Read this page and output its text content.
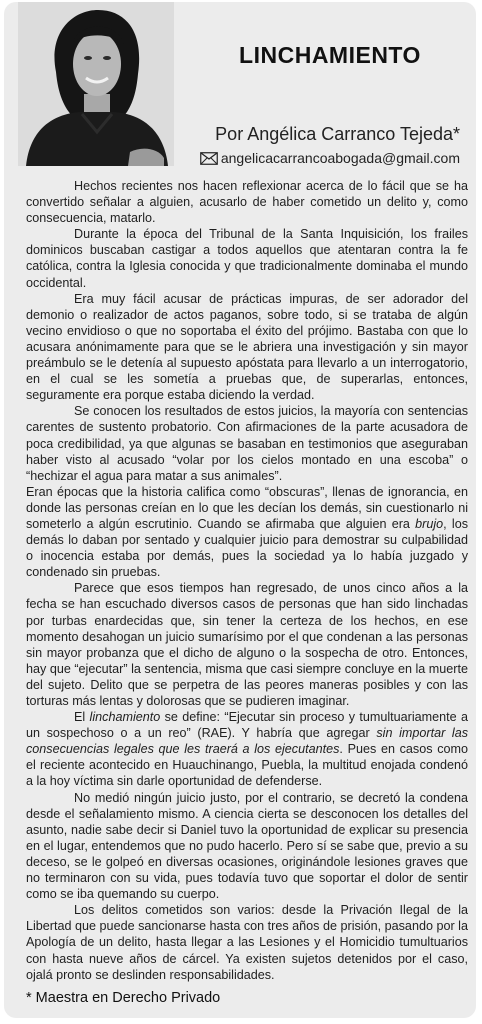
LINCHAMIENTO
Por Angélica Carranco Tejeda*
angelicacarrancoabogada@gmail.com

Hechos recientes nos hacen reflexionar acerca de lo fácil que se ha convertido señalar a alguien, acusarlo de haber cometido un delito y, como consecuencia, matarlo.

Durante la época del Tribunal de la Santa Inquisición, los frailes dominicos buscaban castigar a todos aquellos que atentaran contra la fe católica, contra la Iglesia conocida y que tradicionalmente dominaba el mundo occidental.

Era muy fácil acusar de prácticas impuras, de ser adorador del demonio o realizador de actos paganos, sobre todo, si se trataba de algún vecino envidioso o que no soportaba el éxito del prójimo. Bastaba con que lo acusara anónimamente para que se le abriera una investigación y sin mayor preámbulo se le detenía al supuesto apóstata para llevarlo a un interrogatorio, en el cual se les sometía a pruebas que, de superarlas, entonces, seguramente era porque estaba diciendo la verdad.

Se conocen los resultados de estos juicios, la mayoría con sentencias carentes de sustento probatorio. Con afirmaciones de la parte acusadora de poca credibilidad, ya que algunas se basaban en testimonios que aseguraban haber visto al acusado “volar por los cielos montado en una escoba” o “hechizar el agua para matar a sus animales”.

Eran épocas que la historia califica como “obscuras”, llenas de ignorancia, en donde las personas creían en lo que les decían los demás, sin cuestionarlo ni someterlo a algún escrutinio. Cuando se afirmaba que alguien era brujo, los demás lo daban por sentado y cualquier juicio para demostrar su culpabilidad o inocencia estaba por demás, pues la sociedad ya lo había juzgado y condenado sin pruebas.

Parece que esos tiempos han regresado, de unos cinco años a la fecha se han escuchado diversos casos de personas que han sido linchadas por turbas enardecidas que, sin tener la certeza de los hechos, en ese momento desahogan un juicio sumarísimo por el que condenan a las personas sin mayor probanza que el dicho de alguno o la sospecha de otro. Entonces, hay que “ejecutar” la sentencia, misma que casi siempre concluye en la muerte del sujeto. Delito que se perpetra de las peores maneras posibles y con las torturas más lentas y dolorosas que se pudieren imaginar.

El linchamiento se define: “Ejecutar sin proceso y tumultuariamente a un sospechoso o a un reo” (RAE). Y habría que agregar sin importar las consecuencias legales que les traerá a los ejecutantes. Pues en casos como el reciente acontecido en Huauchinango, Puebla, la multitud enojada condenó a la hoy víctima sin darle oportunidad de defenderse.

No medió ningún juicio justo, por el contrario, se decretó la condena desde el señalamiento mismo. A ciencia cierta se desconocen los detalles del asunto, nadie sabe decir si Daniel tuvo la oportunidad de explicar su presencia en el lugar, entendemos que no pudo hacerlo. Pero sí se sabe que, previo a su deceso, se le golpeó en diversas ocasiones, originándole lesiones graves que no terminaron con su vida, pues todavía tuvo que soportar el dolor de sentir como se iba quemando su cuerpo.

Los delitos cometidos son varios: desde la Privación Ilegal de la Libertad que puede sancionarse hasta con tres años de prisión, pasando por la Apología de un delito, hasta llegar a las Lesiones y el Homicidio tumultuarios con hasta nueve años de cárcel. Ya existen sujetos detenidos por el caso, ojalá pronto se deslinden responsabilidades.

* Maestra en Derecho Privado
